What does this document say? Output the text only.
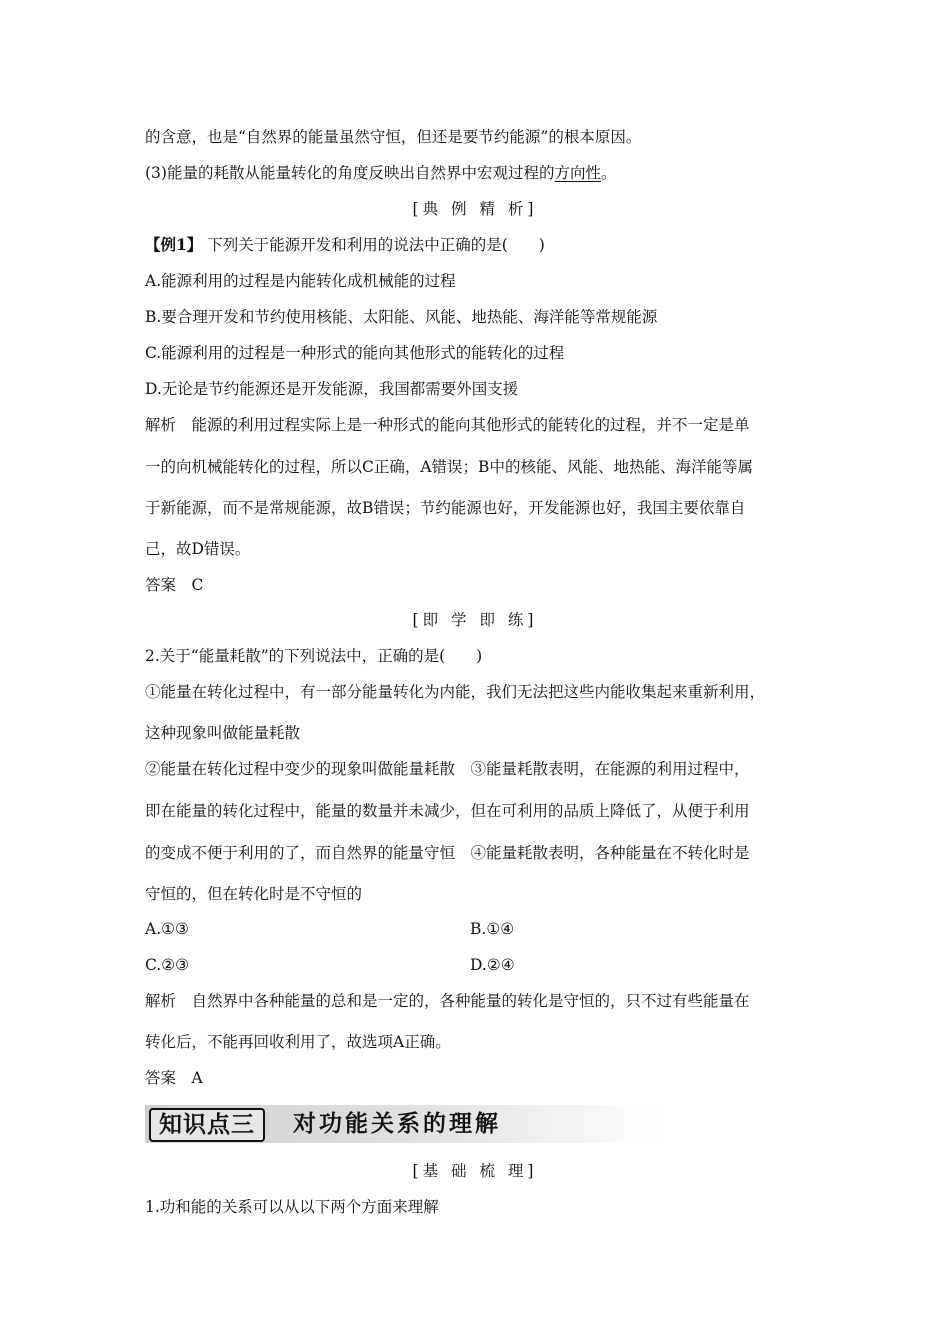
的含意，也是“自然界的能量虽然守恒，但还是要节约能源”的根本原因。
(3)能量的耗散从能量转化的角度反映出自然界中宏观过程的方向性。
[典 例 精 析]
【例1】 下列关于能源开发和利用的说法中正确的是(　　)
A.能源利用的过程是内能转化成机械能的过程
B.要合理开发和节约使用核能、太阳能、风能、地热能、海洋能等常规能源
C.能源利用的过程是一种形式的能向其他形式的能转化的过程
D.无论是节约能源还是开发能源，我国都需要外国支援
解析　能源的利用过程实际上是一种形式的能向其他形式的能转化的过程，并不一定是单
一的向机械能转化的过程，所以C正确，A错误；B中的核能、风能、地热能、海洋能等属
于新能源，而不是常规能源，故B错误；节约能源也好，开发能源也好，我国主要依靠自
己，故D错误。
答案　C
[即 学 即 练]
2.关于“能量耗散”的下列说法中，正确的是(　　)
①能量在转化过程中，有一部分能量转化为内能，我们无法把这些内能收集起来重新利用，
这种现象叫做能量耗散
②能量在转化过程中变少的现象叫做能量耗散　③能量耗散表明，在能源的利用过程中，
即在能量的转化过程中，能量的数量并未减少，但在可利用的品质上降低了，从便于利用
的变成不便于利用的了，而自然界的能量守恒　④能量耗散表明，各种能量在不转化时是
守恒的，但在转化时是不守恒的
A.①③	B.①④
C.②③	D.②④
解析　自然界中各种能量的总和是一定的，各种能量的转化是守恒的，只不过有些能量在
转化后，不能再回收利用了，故选项A正确。
答案　A
知识点三	对功能关系的理解
[基 础 梳 理]
1.功和能的关系可以从以下两个方面来理解
